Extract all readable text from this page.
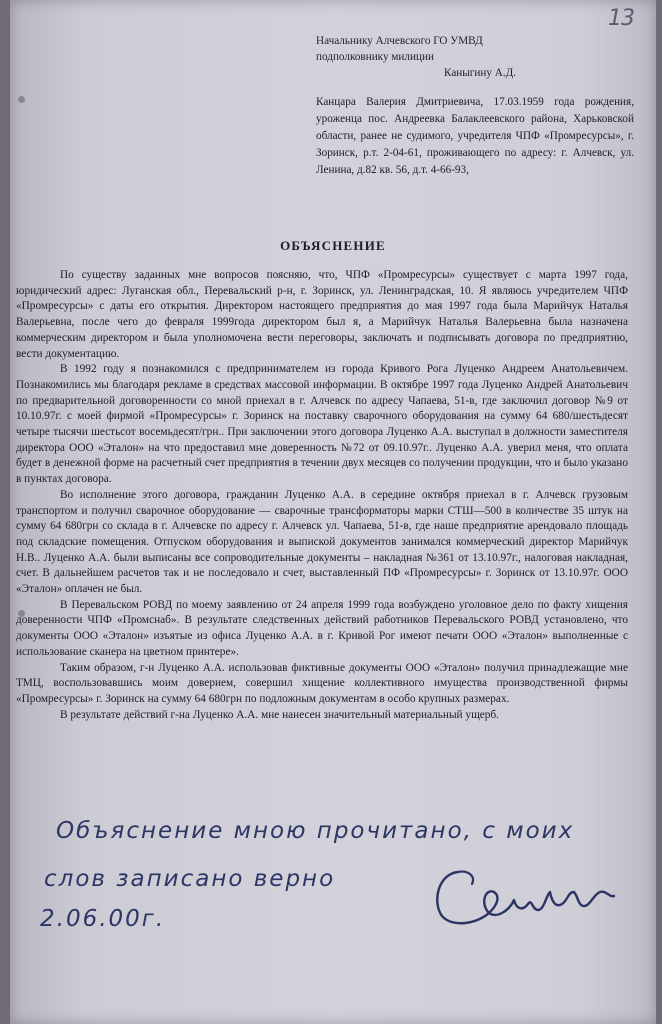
13
Начальнику Алчевского ГО УМВД
подполковнику милиции
Каныгину А.Д.
Канцара Валерия Дмитриевича, 17.03.1959 года рождения, уроженца пос. Андреевка Балаклеевского района, Харьковской области, ранее не судимого, учредителя ЧПФ «Промресурсы», г. Зоринск, р.т. 2-04-61, проживающего по адресу: г. Алчевск, ул. Ленина, д.82 кв. 56, д.т. 4-66-93,
ОБЪЯСНЕНИЕ

По существу заданных мне вопросов поясняю, что, ЧПФ «Промресурсы» существует с марта 1997 года, юридический адрес: Луганская обл., Перевальский р-н, г. Зоринск, ул. Ленинградская, 10. Я являюсь учредителем ЧПФ «Промресурсы» с даты его открытия. Директором настоящего предприятия до мая 1997 года была Марийчук Наталья Валерьевна, после чего до февраля 1999года директором был я, а Марийчук Наталья Валерьевна была назначена коммерческим директором и была уполномочена вести переговоры, заключать и подписывать договора по предприятию, вести документацию.

В 1992 году я познакомился с предпринимателем из города Кривого Рога Луценко Андреем Анатольевичем. Познакомились мы благодаря рекламе в средствах массовой информации. В октябре 1997 года Луценко Андрей Анатольевич по предварительной договоренности со мной приехал в г. Алчевск по адресу Чапаева, 51-в, где заключил договор №9 от 10.10.97г. с моей фирмой «Промресурсы» г. Зоринск на поставку сварочного оборудования на сумму 64 680/шестьдесят четыре тысячи шестьсот восемьдесят/грн.. При заключении этого договора Луценко А.А. выступал в должности заместителя директора ООО «Эталон» на что предоставил мне доверенность №72 от 09.10.97г.. Луценко А.А. уверил меня, что оплата будет в денежной форме на расчетный счет предприятия в течении двух месяцев со получении продукции, что и было указано в пунктах договора.

Во исполнение этого договора, гражданин Луценко А.А. в середине октября приехал в г. Алчевск грузовым транспортом и получил сварочное оборудование — сварочные трансформаторы марки СТШ—500 в количестве 35 штук на сумму 64 680грн со склада в г. Алчевске по адресу г. Алчевск ул. Чапаева, 51-в, где наше предприятие арендовало площадь под складские помещения. Отпуском оборудования и выпиской документов занимался коммерческий директор Марийчук Н.В.. Луценко А.А. были выписаны все сопроводительные документы – накладная №361 от 13.10.97г., налоговая накладная, счет. В дальнейшем расчетов так и не последовало и счет, выставленный ПФ «Промресурсы» г. Зоринск от 13.10.97г. ООО «Эталон» оплачен не был.

В Перевальском РОВД по моему заявлению от 24 апреля 1999 года возбуждено уголовное дело по факту хищения доверенности ЧПФ «Промснаб». В результате следственных действий работников Перевальского РОВД установлено, что документы ООО «Эталон» изъятые из офиса Луценко А.А. в г. Кривой Рог имеют печати ООО «Эталон» выполненные с использование сканера на цветном принтере».

Таким образом, г-н Луценко А.А. использовав фиктивные документы ООО «Эталон» получил принадлежащие мне ТМЦ, воспользовавшись моим доверием, совершил хищение коллективного имущества производственной фирмы «Промресурсы» г. Зоринск на сумму 64 680грн по подложным документам в особо крупных размерах.

В результате действий г-на Луценко А.А. мне нанесен значительный материальный ущерб.

Объяснение мною прочитано, с моих
слов записано верно
2.06.00г.
